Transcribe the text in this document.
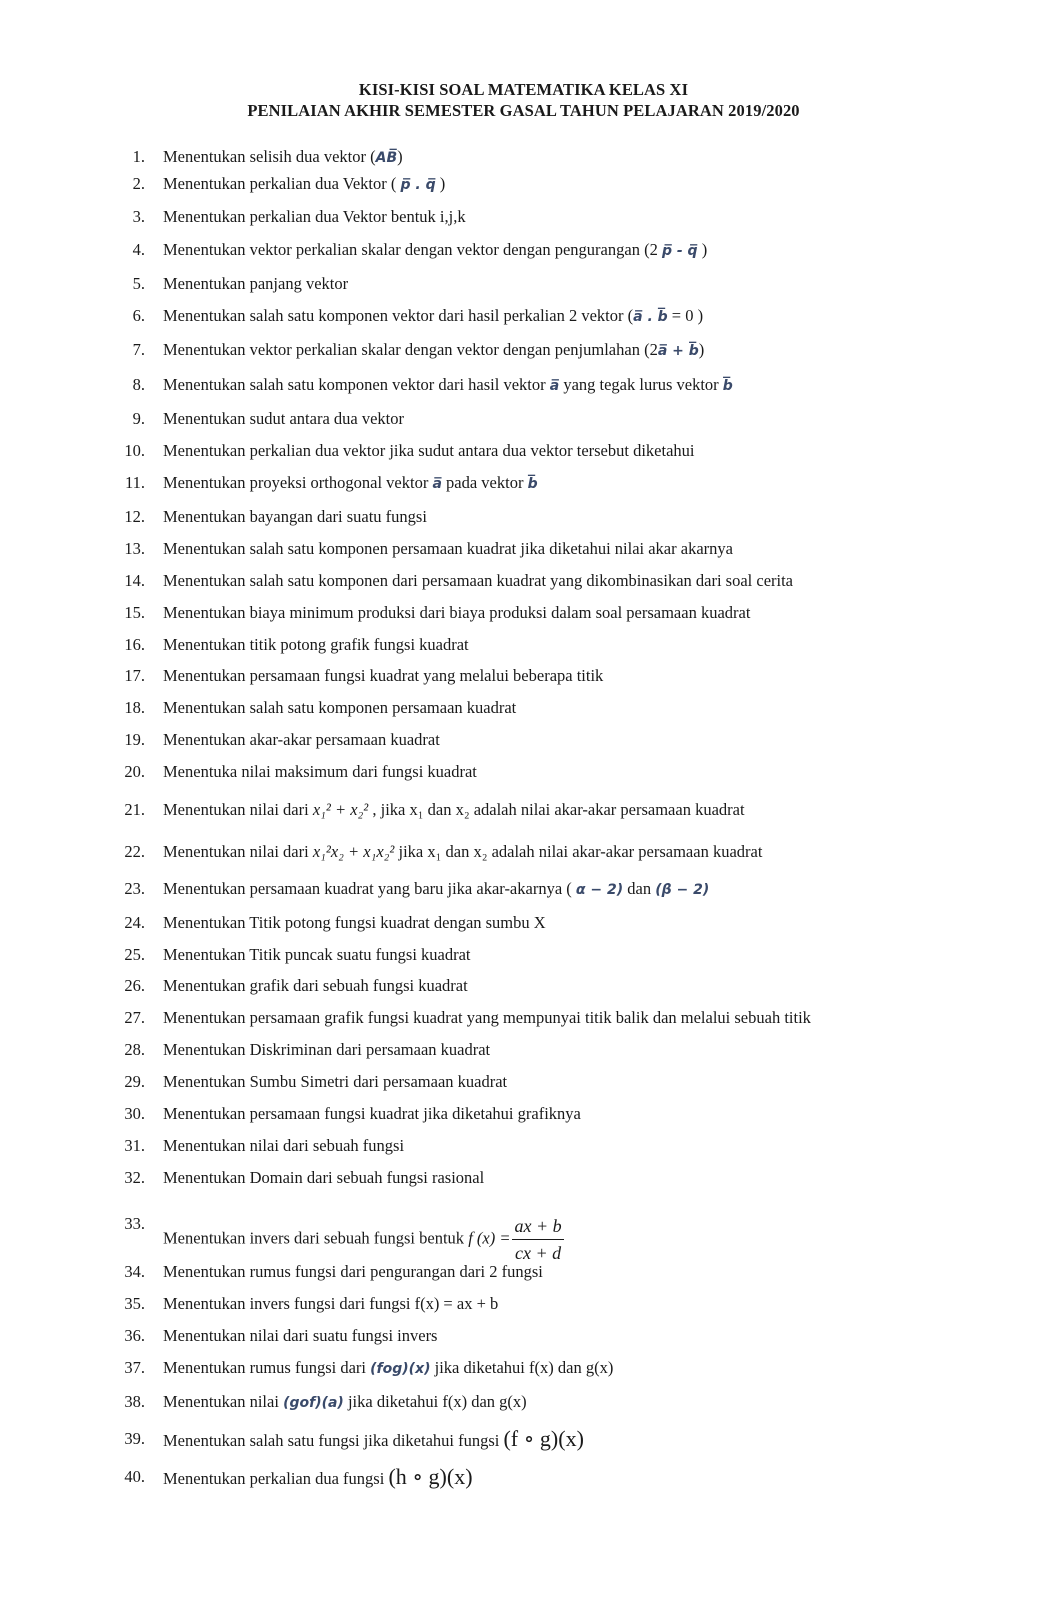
KISI-KISI SOAL MATEMATIKA KELAS XI
PENILAIAN AKHIR SEMESTER GASAL TAHUN PELAJARAN 2019/2020
1. Menentukan selisih dua vektor (AB̅)
2. Menentukan perkalian dua Vektor ( p̅ . q̅ )
3. Menentukan perkalian dua Vektor bentuk i,j,k
4. Menentukan vektor perkalian skalar dengan vektor dengan pengurangan (2 p̅ - q̅ )
5. Menentukan panjang vektor
6. Menentukan salah satu komponen vektor dari hasil perkalian 2 vektor (a̅ . b̅ = 0 )
7. Menentukan vektor perkalian skalar dengan vektor dengan penjumlahan (2a̅ + b̅)
8. Menentukan salah satu komponen vektor dari hasil vektor a̅ yang tegak lurus vektor b̅
9. Menentukan sudut antara dua vektor
10. Menentukan perkalian dua vektor jika sudut antara dua vektor tersebut diketahui
11. Menentukan proyeksi orthogonal vektor a̅ pada vektor b̅
12. Menentukan bayangan dari suatu fungsi
13. Menentukan salah satu komponen persamaan kuadrat jika diketahui nilai akar akarnya
14. Menentukan salah satu komponen dari persamaan kuadrat yang dikombinasikan dari soal cerita
15. Menentukan biaya minimum produksi dari biaya produksi dalam soal persamaan kuadrat
16. Menentukan titik potong grafik fungsi kuadrat
17. Menentukan persamaan fungsi kuadrat yang melalui beberapa titik
18. Menentukan salah satu komponen persamaan kuadrat
19. Menentukan akar-akar persamaan kuadrat
20. Menentuka nilai maksimum dari fungsi kuadrat
21. Menentukan nilai dari x₁² + x₂² , jika x₁ dan x₂ adalah nilai akar-akar persamaan kuadrat
22. Menentukan nilai dari x₁²x₂ + x₁x₂² jika x₁ dan x₂ adalah nilai akar-akar persamaan kuadrat
23. Menentukan persamaan kuadrat yang baru jika akar-akarnya ( α − 2) dan (β − 2)
24. Menentukan Titik potong fungsi kuadrat dengan sumbu X
25. Menentukan Titik puncak suatu fungsi kuadrat
26. Menentukan grafik dari sebuah fungsi kuadrat
27. Menentukan persamaan grafik fungsi kuadrat yang mempunyai titik balik dan melalui sebuah titik
28. Menentukan Diskriminan dari persamaan kuadrat
29. Menentukan Sumbu Simetri dari persamaan kuadrat
30. Menentukan persamaan fungsi kuadrat jika diketahui grafiknya
31. Menentukan nilai dari sebuah fungsi
32. Menentukan Domain dari sebuah fungsi rasional
33.
Menentukan invers dari sebuah fungsi bentuk f $(x) = \frac{ax + b}{cx + d}$
34. Menentukan rumus fungsi dari pengurangan dari 2 fungsi
35. Menentukan invers fungsi dari fungsi f(x) = ax + b
36. Menentukan nilai dari suatu fungsi invers
37. Menentukan rumus fungsi dari (fog)(x) jika diketahui f(x) dan g(x)
38. Menentukan nilai (gof)(a) jika diketahui f(x) dan g(x)
39. Menentukan salah satu fungsi jika diketahui fungsi (f ∘ g)(x)
40. Menentukan perkalian dua fungsi (h ∘ g)(x)
